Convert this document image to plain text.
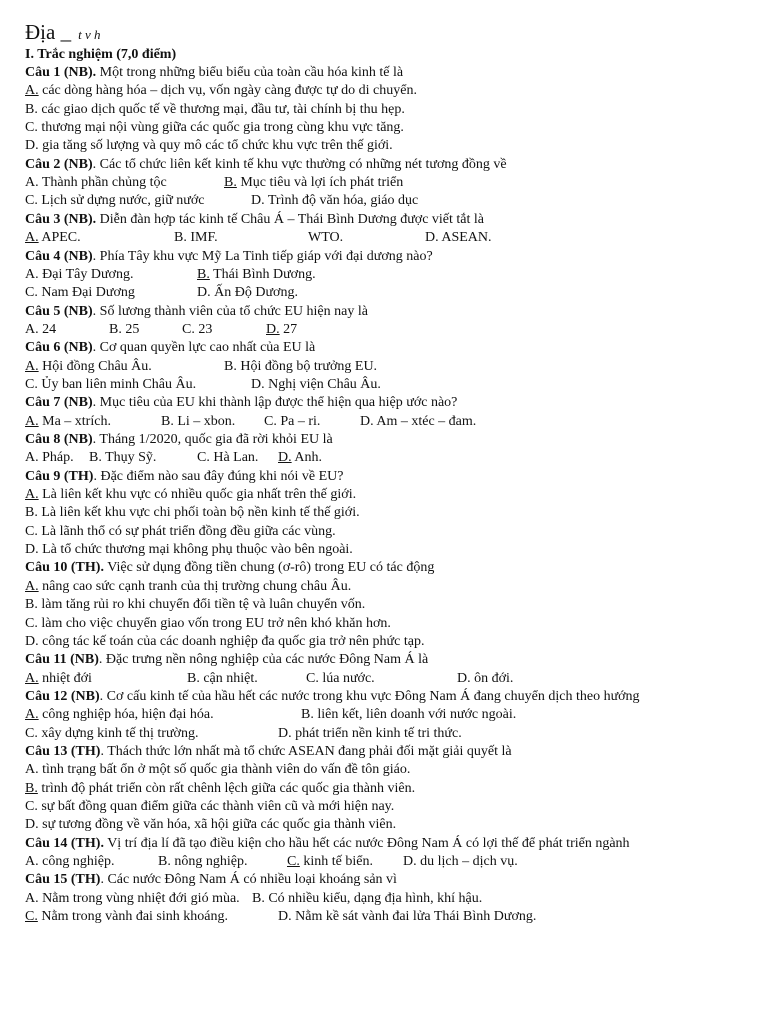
Địa _ t v h
I. Trắc nghiệm (7,0 điểm)
Câu 1 (NB). Một trong những biểu biểu của toàn cầu hóa kinh tế là
A. các dòng hàng hóa – dịch vụ, vốn ngày càng được tự do di chuyển.
B. các giao dịch quốc tế về thương mại, đầu tư, tài chính bị thu hẹp.
C. thương mại nội vùng giữa các quốc gia trong cùng khu vực tăng.
D. gia tăng số lượng và quy mô các tổ chức khu vực trên thế giới.
Câu 2 (NB). Các tổ chức liên kết kinh tế khu vực thường có những nét tương đồng về
A. Thành phần chủng tộc	B. Mục tiêu và lợi ích phát triển
C. Lịch sử dựng nước, giữ nước	D. Trình độ văn hóa, giáo dục
Câu 3 (NB). Diễn đàn hợp tác kinh tế Châu Á – Thái Bình Dương được viết tắt là
A. APEC.	B. IMF.	WTO.	D. ASEAN.
Câu 4 (NB). Phía Tây khu vực Mỹ La Tinh tiếp giáp với đại dương nào?
A. Đại Tây Dương.	B. Thái Bình Dương.
C. Nam Đại Dương	D. Ấn Độ Dương.
Câu 5 (NB). Số lương thành viên của tổ chức EU hiện nay là
A. 24	B. 25	C. 23	D. 27
Câu 6 (NB). Cơ quan quyền lực cao nhất của EU là
A. Hội đồng Châu Âu.	B. Hội đồng bộ trưởng EU.
C. Ủy ban liên minh Châu Âu.	D. Nghị viện Châu Âu.
Câu 7 (NB). Mục tiêu của EU khi thành lập được thể hiện qua hiệp ước nào?
A. Ma – xtrích.	B. Li – xbon. C. Pa – ri.	D. Am – xtéc – đam.
Câu 8 (NB). Tháng 1/2020, quốc gia đã rời khỏi EU là
A. Pháp. B. Thụy Sỹ.	C. Hà Lan. D. Anh.
Câu 9 (TH). Đặc điểm nào sau đây đúng khi nói về EU?
A. Là liên kết khu vực có nhiều quốc gia nhất trên thế giới.
B. Là liên kết khu vực chi phối toàn bộ nền kinh tế thế giới.
C. Là lãnh thổ có sự phát triển đồng đều giữa các vùng.
D. Là tổ chức thương mại không phụ thuộc vào bên ngoài.
Câu 10 (TH). Việc sử dụng đồng tiền chung (ơ-rô) trong EU có tác động
A. nâng cao sức cạnh tranh của thị trường chung châu Âu.
B. làm tăng rủi ro khi chuyển đổi tiền tệ và luân chuyển vốn.
C. làm cho việc chuyển giao vốn trong EU trở nên khó khăn hơn.
D. công tác kế toán của các doanh nghiệp đa quốc gia trở nên phức tạp.
Câu 11 (NB). Đặc trưng nền nông nghiệp của các nước Đông Nam Á là
A. nhiệt đới	B. cận nhiệt.	C. lúa nước.	D. ôn đới.
Câu 12 (NB). Cơ cấu kinh tế của hầu hết các nước trong khu vực Đông Nam Á đang chuyển dịch theo hướng
A. công nghiệp hóa, hiện đại hóa.	B. liên kết, liên doanh với nước ngoài.
C. xây dựng kinh tế thị trường.	D. phát triển nền kinh tế tri thức.
Câu 13 (TH). Thách thức lớn nhất mà tổ chức ASEAN đang phải đối mặt giải quyết là
A. tình trạng bất ổn ở một số quốc gia thành viên do vấn đề tôn giáo.
B. trình độ phát triển còn rất chênh lệch giữa các quốc gia thành viên.
C. sự bất đồng quan điểm giữa các thành viên cũ và mới hiện nay.
D. sự tương đồng về văn hóa, xã hội giữa các quốc gia thành viên.
Câu 14 (TH). Vị trí địa lí đã tạo điều kiện cho hầu hết các nước Đông Nam Á có lợi thế để phát triển ngành
A. công nghiệp.	B. nông nghiệp.	C. kinh tế biển. D. du lịch – dịch vụ.
Câu 15 (TH). Các nước Đông Nam Á có nhiều loại khoáng sản vì
A. Nằm trong vùng nhiệt đới gió mùa. B. Có nhiều kiểu, dạng địa hình, khí hậu.
C. Nằm trong vành đai sinh khoáng.	D. Nằm kề sát vành đai lửa Thái Bình Dương.
